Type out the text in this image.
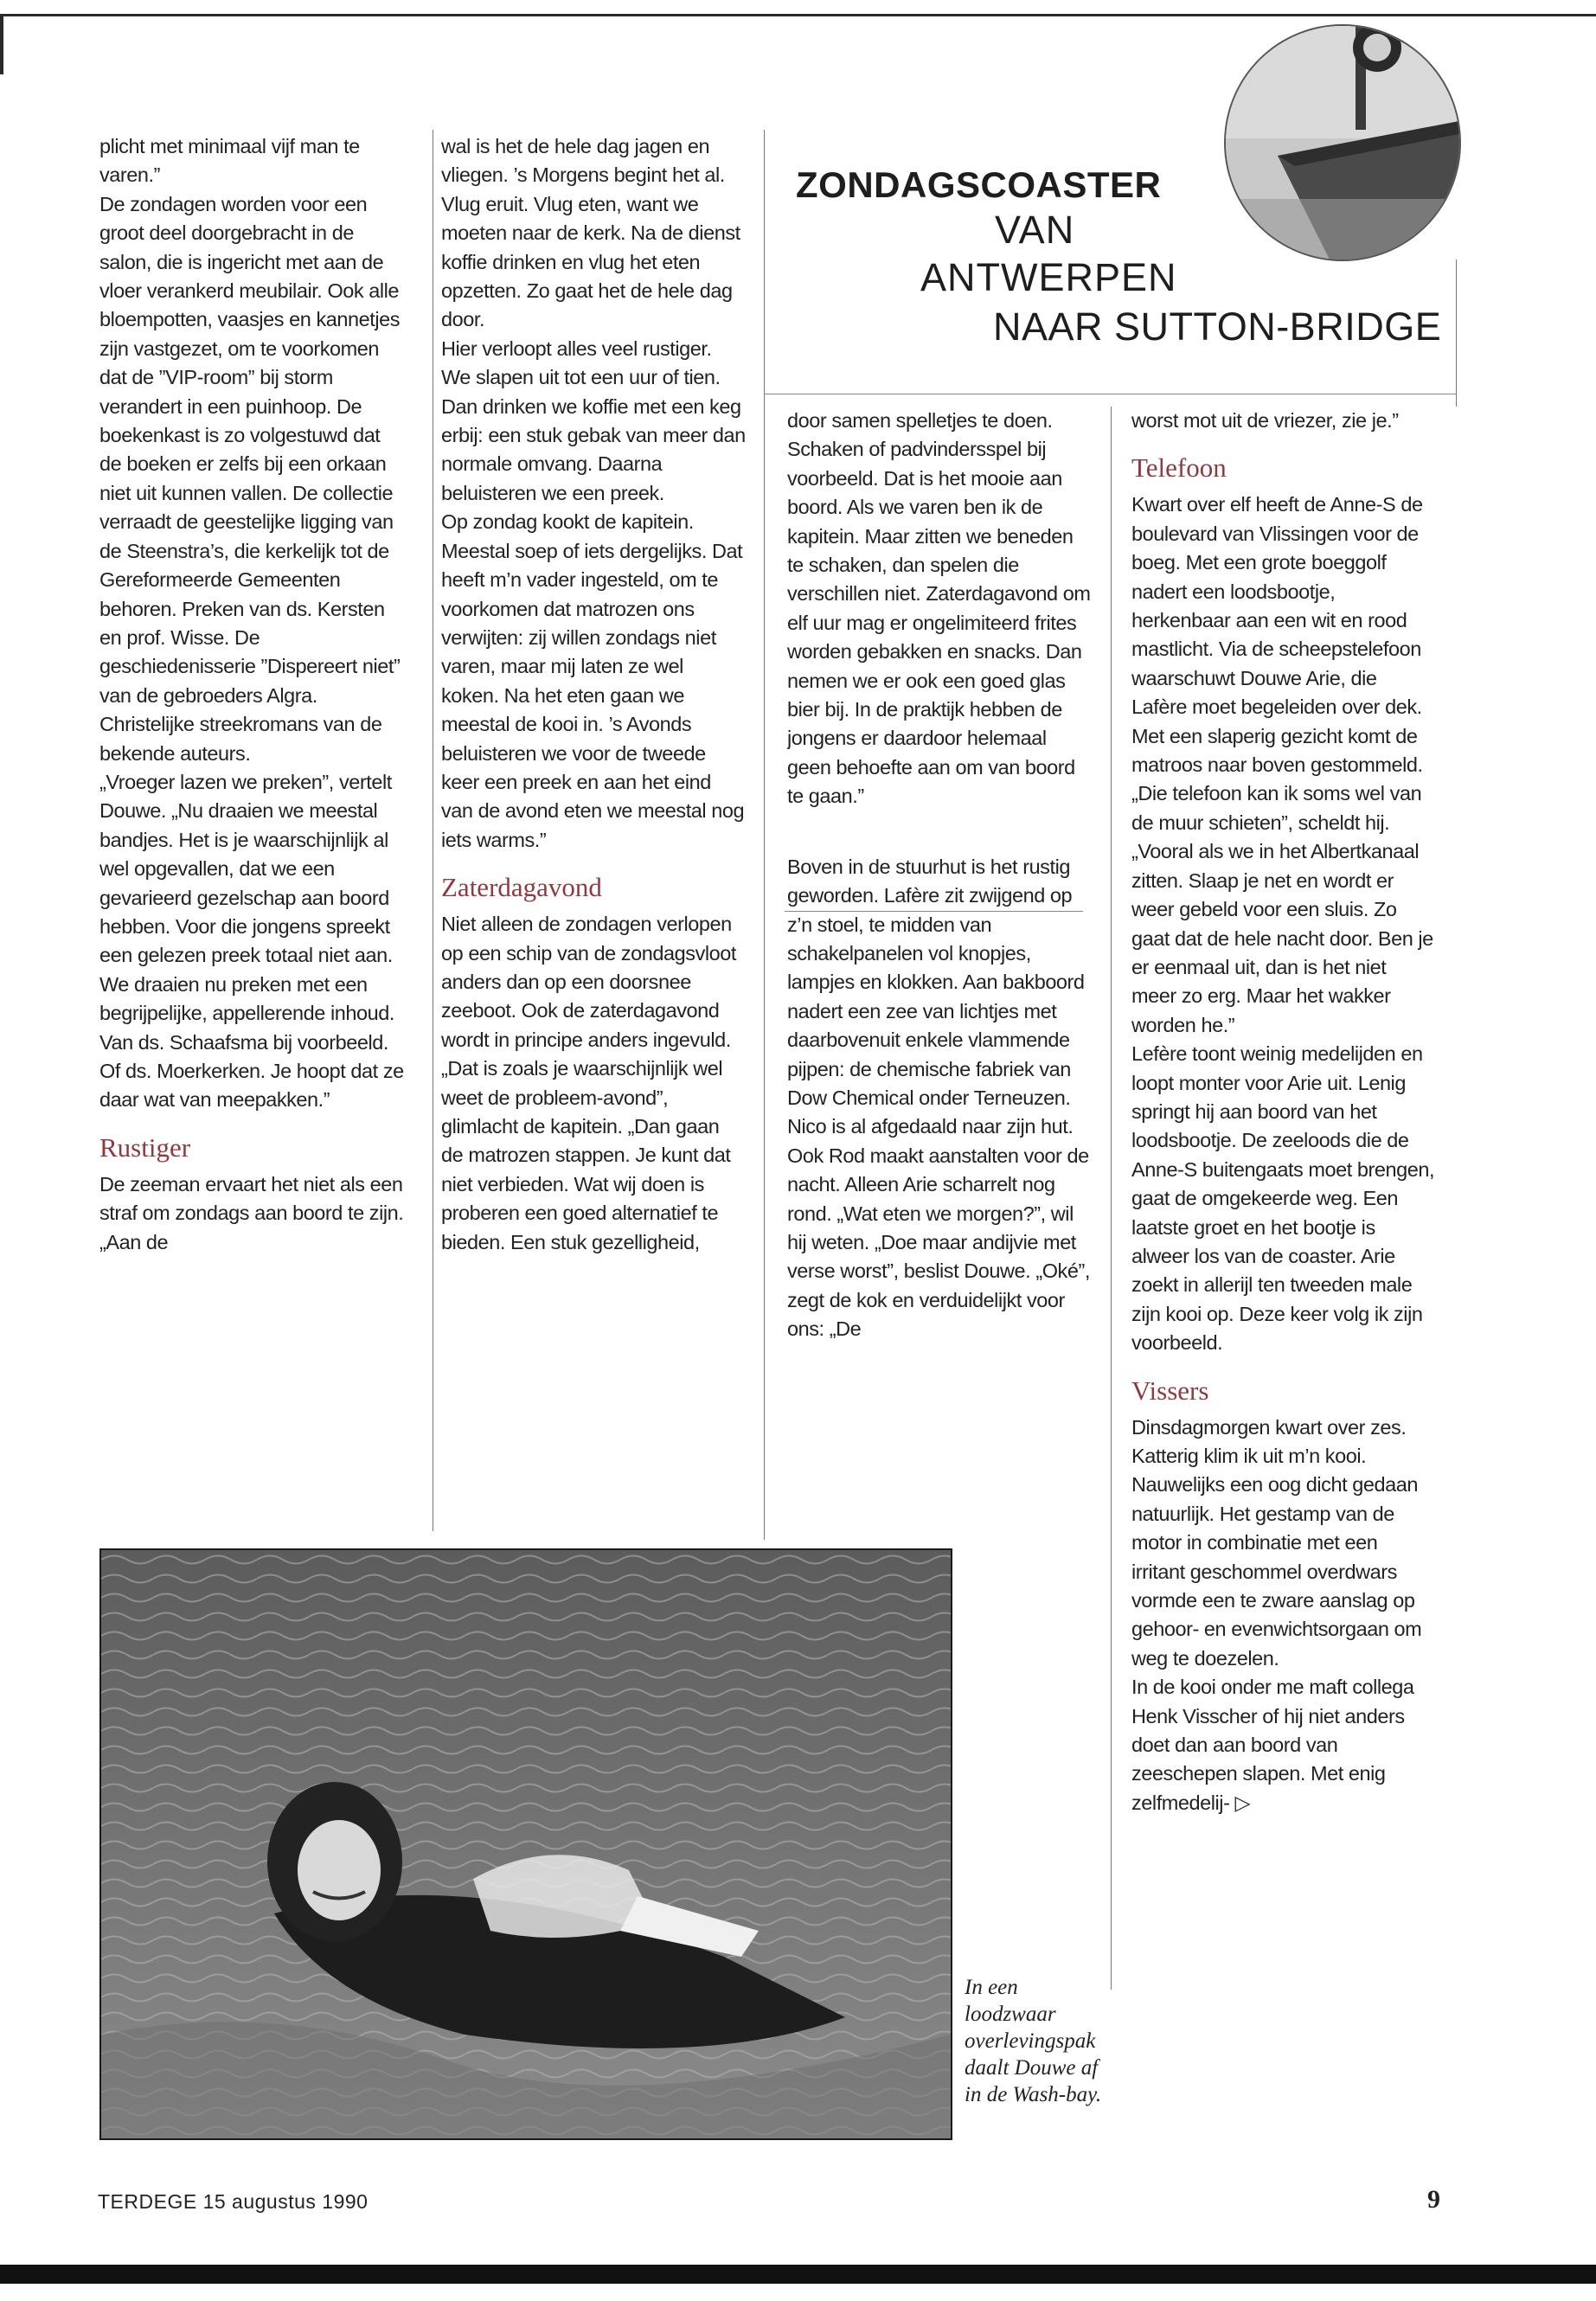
ZONDAGSCOASTER
VAN
ANTWERPEN
NAAR SUTTON-BRIDGE

plicht met minimaal vijf man te varen.”

De zondagen worden voor een groot deel doorgebracht in de salon, die is ingericht met aan de vloer verankerd meubilair. Ook alle bloempotten, vaasjes en kannetjes zijn vastgezet, om te voorkomen dat de ”VIP-room” bij storm verandert in een puinhoop. De boekenkast is zo volgestuwd dat de boeken er zelfs bij een orkaan niet uit kunnen vallen. De collectie verraadt de geestelijke ligging van de Steenstra’s, die kerkelijk tot de Gereformeerde Gemeenten behoren. Preken van ds. Kersten en prof. Wisse. De geschiedenisserie ”Dispereert niet” van de gebroeders Algra. Christelijke streekromans van de bekende auteurs.

„Vroeger lazen we preken”, vertelt Douwe. „Nu draaien we meestal bandjes. Het is je waarschijnlijk al wel opgevallen, dat we een gevarieerd gezelschap aan boord hebben. Voor die jongens spreekt een gelezen preek totaal niet aan. We draaien nu preken met een begrijpelijke, appellerende inhoud. Van ds. Schaafsma bij voorbeeld. Of ds. Moerkerken. Je hoopt dat ze daar wat van meepakken.”

Rustiger

De zeeman ervaart het niet als een straf om zondags aan boord te zijn. „Aan de

wal is het de hele dag jagen en vliegen. ’s Morgens begint het al. Vlug eruit. Vlug eten, want we moeten naar de kerk. Na de dienst koffie drinken en vlug het eten opzetten. Zo gaat het de hele dag door.

Hier verloopt alles veel rustiger. We slapen uit tot een uur of tien. Dan drinken we koffie met een keg erbij: een stuk gebak van meer dan normale omvang. Daarna beluisteren we een preek.

Op zondag kookt de kapitein. Meestal soep of iets dergelijks. Dat heeft m’n vader ingesteld, om te voorkomen dat matrozen ons verwijten: zij willen zondags niet varen, maar mij laten ze wel koken. Na het eten gaan we meestal de kooi in. ’s Avonds beluisteren we voor de tweede keer een preek en aan het eind van de avond eten we meestal nog iets warms.”

Zaterdagavond

Niet alleen de zondagen verlopen op een schip van de zondagsvloot anders dan op een doorsnee zeeboot. Ook de zaterdagavond wordt in principe anders ingevuld. „Dat is zoals je waarschijnlijk wel weet de probleem-avond”, glimlacht de kapitein. „Dan gaan de matrozen stappen. Je kunt dat niet verbieden. Wat wij doen is proberen een goed alternatief te bieden. Een stuk gezelligheid,

door samen spelletjes te doen. Schaken of padvindersspel bij voorbeeld. Dat is het mooie aan boord. Als we varen ben ik de kapitein. Maar zitten we beneden te schaken, dan spelen die verschillen niet. Zaterdagavond om elf uur mag er ongelimiteerd frites worden gebakken en snacks. Dan nemen we er ook een goed glas bier bij. In de praktijk hebben de jongens er daardoor helemaal geen behoefte aan om van boord te gaan.”

Boven in de stuurhut is het rustig geworden. Lafère zit zwijgend op z’n stoel, te midden van schakelpanelen vol knopjes, lampjes en klokken. Aan bakboord nadert een zee van lichtjes met daarbovenuit enkele vlammende pijpen: de chemische fabriek van Dow Chemical onder Terneuzen. Nico is al afgedaald naar zijn hut. Ook Rod maakt aanstalten voor de nacht. Alleen Arie scharrelt nog rond. „Wat eten we morgen?”, wil hij weten. „Doe maar andijvie met verse worst”, beslist Douwe. „Oké”, zegt de kok en verduidelijkt voor ons: „De

worst mot uit de vriezer, zie je.”

Telefoon

Kwart over elf heeft de Anne-S de boulevard van Vlissingen voor de boeg. Met een grote boeggolf nadert een loodsbootje, herkenbaar aan een wit en rood mastlicht. Via de scheepstelefoon waarschuwt Douwe Arie, die Lafère moet begeleiden over dek. Met een slaperig gezicht komt de matroos naar boven gestommeld.

„Die telefoon kan ik soms wel van de muur schieten”, scheldt hij. „Vooral als we in het Albertkanaal zitten. Slaap je net en wordt er weer gebeld voor een sluis. Zo gaat dat de hele nacht door. Ben je er eenmaal uit, dan is het niet meer zo erg. Maar het wakker worden he.”

Lefère toont weinig medelijden en loopt monter voor Arie uit. Lenig springt hij aan boord van het loodsbootje. De zeeloods die de Anne-S buitengaats moet brengen, gaat de omgekeerde weg. Een laatste groet en het bootje is alweer los van de coaster. Arie zoekt in allerijl ten tweeden male zijn kooi op. Deze keer volg ik zijn voorbeeld.

Vissers

Dinsdagmorgen kwart over zes. Katterig klim ik uit m’n kooi. Nauwelijks een oog dicht gedaan natuurlijk. Het gestamp van de motor in combinatie met een irritant geschommel overdwars vormde een te zware aanslag op gehoor- en evenwichtsorgaan om weg te doezelen.

In de kooi onder me maft collega Henk Visscher of hij niet anders doet dan aan boord van zeeschepen slapen. Met enig zelfmedelij- ▷

In een loodzwaar overlevingspak daalt Douwe af in de Wash-bay.

TERDEGE 15 augustus 1990	9
